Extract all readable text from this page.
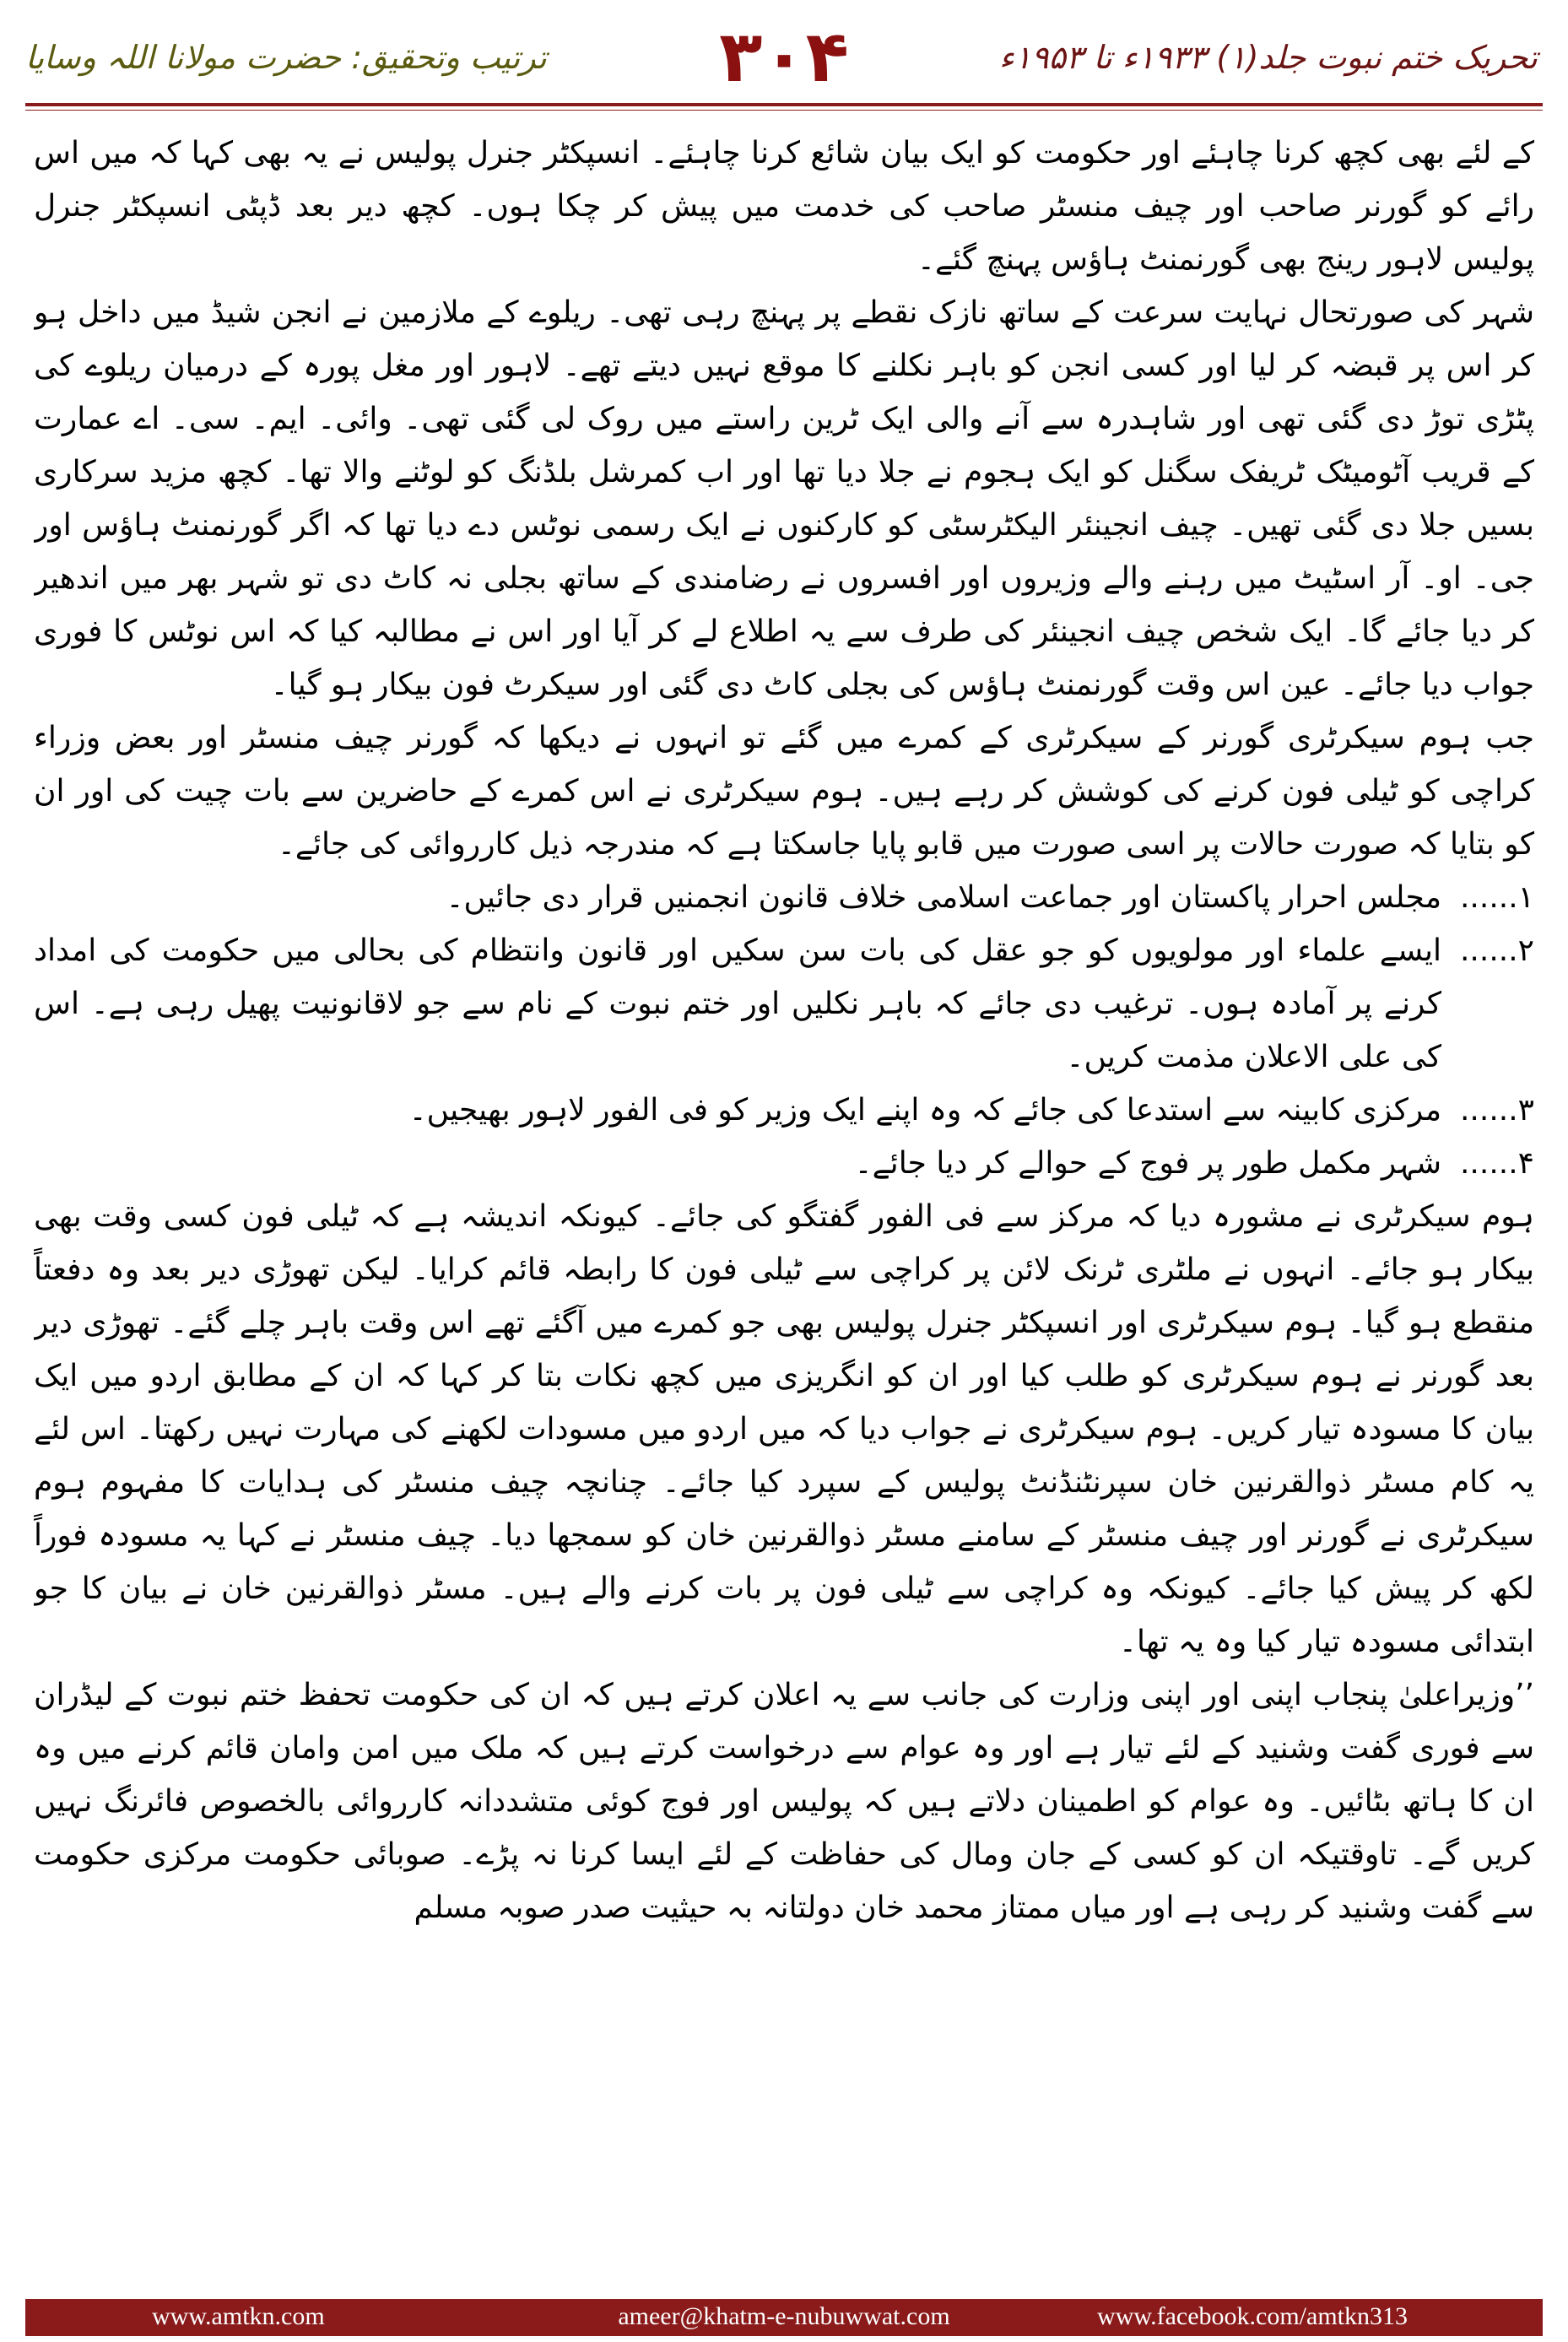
تحریک ختم نبوت جلد(۱) ۱۹۳۳ء تا ۱۹۵۳ء
۳۰۴
ترتیب وتحقیق: حضرت مولانا اللہ وسایا

کے لئے بھی کچھ کرنا چاہئے اور حکومت کو ایک بیان شائع کرنا چاہئے۔ انسپکٹر جنرل پولیس نے یہ بھی کہا کہ میں اس رائے کو گورنر صاحب اور چیف منسٹر صاحب کی خدمت میں پیش کر چکا ہوں۔ کچھ دیر بعد ڈپٹی انسپکٹر جنرل پولیس لاہور رینج بھی گورنمنٹ ہاؤس پہنچ گئے۔

شہر کی صورتحال نہایت سرعت کے ساتھ نازک نقطے پر پہنچ رہی تھی۔ ریلوے کے ملازمین نے انجن شیڈ میں داخل ہو کر اس پر قبضہ کر لیا اور کسی انجن کو باہر نکلنے کا موقع نہیں دیتے تھے۔ لاہور اور مغل پورہ کے درمیان ریلوے کی پٹڑی توڑ دی گئی تھی اور شاہدرہ سے آنے والی ایک ٹرین راستے میں روک لی گئی تھی۔ وائی۔ ایم۔ سی۔ اے عمارت کے قریب آٹومیٹک ٹریفک سگنل کو ایک ہجوم نے جلا دیا تھا اور اب کمرشل بلڈنگ کو لوٹنے والا تھا۔ کچھ مزید سرکاری بسیں جلا دی گئی تھیں۔ چیف انجینئر الیکٹرسٹی کو کارکنوں نے ایک رسمی نوٹس دے دیا تھا کہ اگر گورنمنٹ ہاؤس اور جی۔ او۔ آر اسٹیٹ میں رہنے والے وزیروں اور افسروں نے رضامندی کے ساتھ بجلی نہ کاٹ دی تو شہر بھر میں اندھیر کر دیا جائے گا۔ ایک شخص چیف انجینئر کی طرف سے یہ اطلاع لے کر آیا اور اس نے مطالبہ کیا کہ اس نوٹس کا فوری جواب دیا جائے۔ عین اس وقت گورنمنٹ ہاؤس کی بجلی کاٹ دی گئی اور سیکرٹ فون بیکار ہو گیا۔

جب ہوم سیکرٹری گورنر کے سیکرٹری کے کمرے میں گئے تو انہوں نے دیکھا کہ گورنر چیف منسٹر اور بعض وزراء کراچی کو ٹیلی فون کرنے کی کوشش کر رہے ہیں۔ ہوم سیکرٹری نے اس کمرے کے حاضرین سے بات چیت کی اور ان کو بتایا کہ صورت حالات پر اسی صورت میں قابو پایا جاسکتا ہے کہ مندرجہ ذیل کارروائی کی جائے۔

۱......
مجلس احرار پاکستان اور جماعت اسلامی خلاف قانون انجمنیں قرار دی جائیں۔
۲......
ایسے علماء اور مولویوں کو جو عقل کی بات سن سکیں اور قانون وانتظام کی بحالی میں حکومت کی امداد کرنے پر آمادہ ہوں۔ ترغیب دی جائے کہ باہر نکلیں اور ختم نبوت کے نام سے جو لاقانونیت پھیل رہی ہے۔ اس کی علی الاعلان مذمت کریں۔
۳......
مرکزی کابینہ سے استدعا کی جائے کہ وہ اپنے ایک وزیر کو فی الفور لاہور بھیجیں۔
۴......
شہر مکمل طور پر فوج کے حوالے کر دیا جائے۔

ہوم سیکرٹری نے مشورہ دیا کہ مرکز سے فی الفور گفتگو کی جائے۔ کیونکہ اندیشہ ہے کہ ٹیلی فون کسی وقت بھی بیکار ہو جائے۔ انہوں نے ملٹری ٹرنک لائن پر کراچی سے ٹیلی فون کا رابطہ قائم کرایا۔ لیکن تھوڑی دیر بعد وہ دفعتاً منقطع ہو گیا۔ ہوم سیکرٹری اور انسپکٹر جنرل پولیس بھی جو کمرے میں آگئے تھے اس وقت باہر چلے گئے۔ تھوڑی دیر بعد گورنر نے ہوم سیکرٹری کو طلب کیا اور ان کو انگریزی میں کچھ نکات بتا کر کہا کہ ان کے مطابق اردو میں ایک بیان کا مسودہ تیار کریں۔ ہوم سیکرٹری نے جواب دیا کہ میں اردو میں مسودات لکھنے کی مہارت نہیں رکھتا۔ اس لئے یہ کام مسٹر ذوالقرنین خان سپرنٹنڈنٹ پولیس کے سپرد کیا جائے۔ چنانچہ چیف منسٹر کی ہدایات کا مفہوم ہوم سیکرٹری نے گورنر اور چیف منسٹر کے سامنے مسٹر ذوالقرنین خان کو سمجھا دیا۔ چیف منسٹر نے کہا یہ مسودہ فوراً لکھ کر پیش کیا جائے۔ کیونکہ وہ کراچی سے ٹیلی فون پر بات کرنے والے ہیں۔ مسٹر ذوالقرنین خان نے بیان کا جو ابتدائی مسودہ تیار کیا وہ یہ تھا۔

’’وزیراعلیٰ پنجاب اپنی اور اپنی وزارت کی جانب سے یہ اعلان کرتے ہیں کہ ان کی حکومت تحفظ ختم نبوت کے لیڈران سے فوری گفت وشنید کے لئے تیار ہے اور وہ عوام سے درخواست کرتے ہیں کہ ملک میں امن وامان قائم کرنے میں وہ ان کا ہاتھ بٹائیں۔ وہ عوام کو اطمینان دلاتے ہیں کہ پولیس اور فوج کوئی متشددانہ کارروائی بالخصوص فائرنگ نہیں کریں گے۔ تاوقتیکہ ان کو کسی کے جان ومال کی حفاظت کے لئے ایسا کرنا نہ پڑے۔ صوبائی حکومت مرکزی حکومت سے گفت وشنید کر رہی ہے اور میاں ممتاز محمد خان دولتانہ بہ حیثیت صدر صوبہ مسلم

www.amtkn.com	ameer@khatm-e-nubuwwat.com	www.facebook.com/amtkn313
